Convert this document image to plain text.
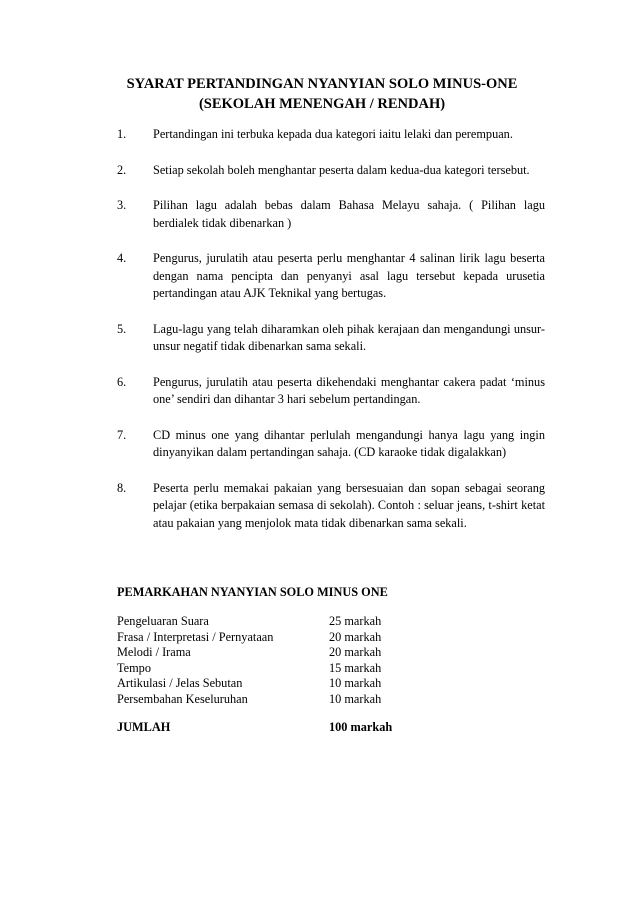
SYARAT PERTANDINGAN NYANYIAN SOLO MINUS-ONE
(SEKOLAH MENENGAH / RENDAH)
1. Pertandingan ini terbuka kepada dua kategori iaitu lelaki dan perempuan.
2. Setiap sekolah boleh menghantar peserta dalam kedua-dua kategori tersebut.
3. Pilihan lagu adalah bebas dalam Bahasa Melayu sahaja. ( Pilihan lagu berdialek tidak dibenarkan )
4. Pengurus, jurulatih atau peserta perlu menghantar 4 salinan lirik lagu beserta dengan nama pencipta dan penyanyi asal lagu tersebut kepada urusetia pertandingan atau AJK Teknikal yang bertugas.
5. Lagu-lagu yang telah diharamkan oleh pihak kerajaan dan mengandungi unsur-unsur negatif tidak dibenarkan sama sekali.
6. Pengurus, jurulatih atau peserta dikehendaki menghantar cakera padat ‘minus one’ sendiri dan dihantar 3 hari sebelum pertandingan.
7. CD minus one yang dihantar perlulah mengandungi hanya lagu yang ingin dinyanyikan dalam pertandingan sahaja. (CD karaoke tidak digalakkan)
8. Peserta perlu memakai pakaian yang bersesuaian dan sopan sebagai seorang pelajar (etika berpakaian semasa di sekolah). Contoh : seluar jeans, t-shirt ketat atau pakaian yang menjolok mata tidak dibenarkan sama sekali.
PEMARKAHAN NYANYIAN SOLO MINUS ONE
Pengeluaran Suara	25 markah
Frasa / Interpretasi / Pernyataan	20 markah
Melodi / Irama	20 markah
Tempo	15 markah
Artikulasi / Jelas Sebutan	10 markah
Persembahan Keseluruhan	10 markah
JUMLAH	100 markah
